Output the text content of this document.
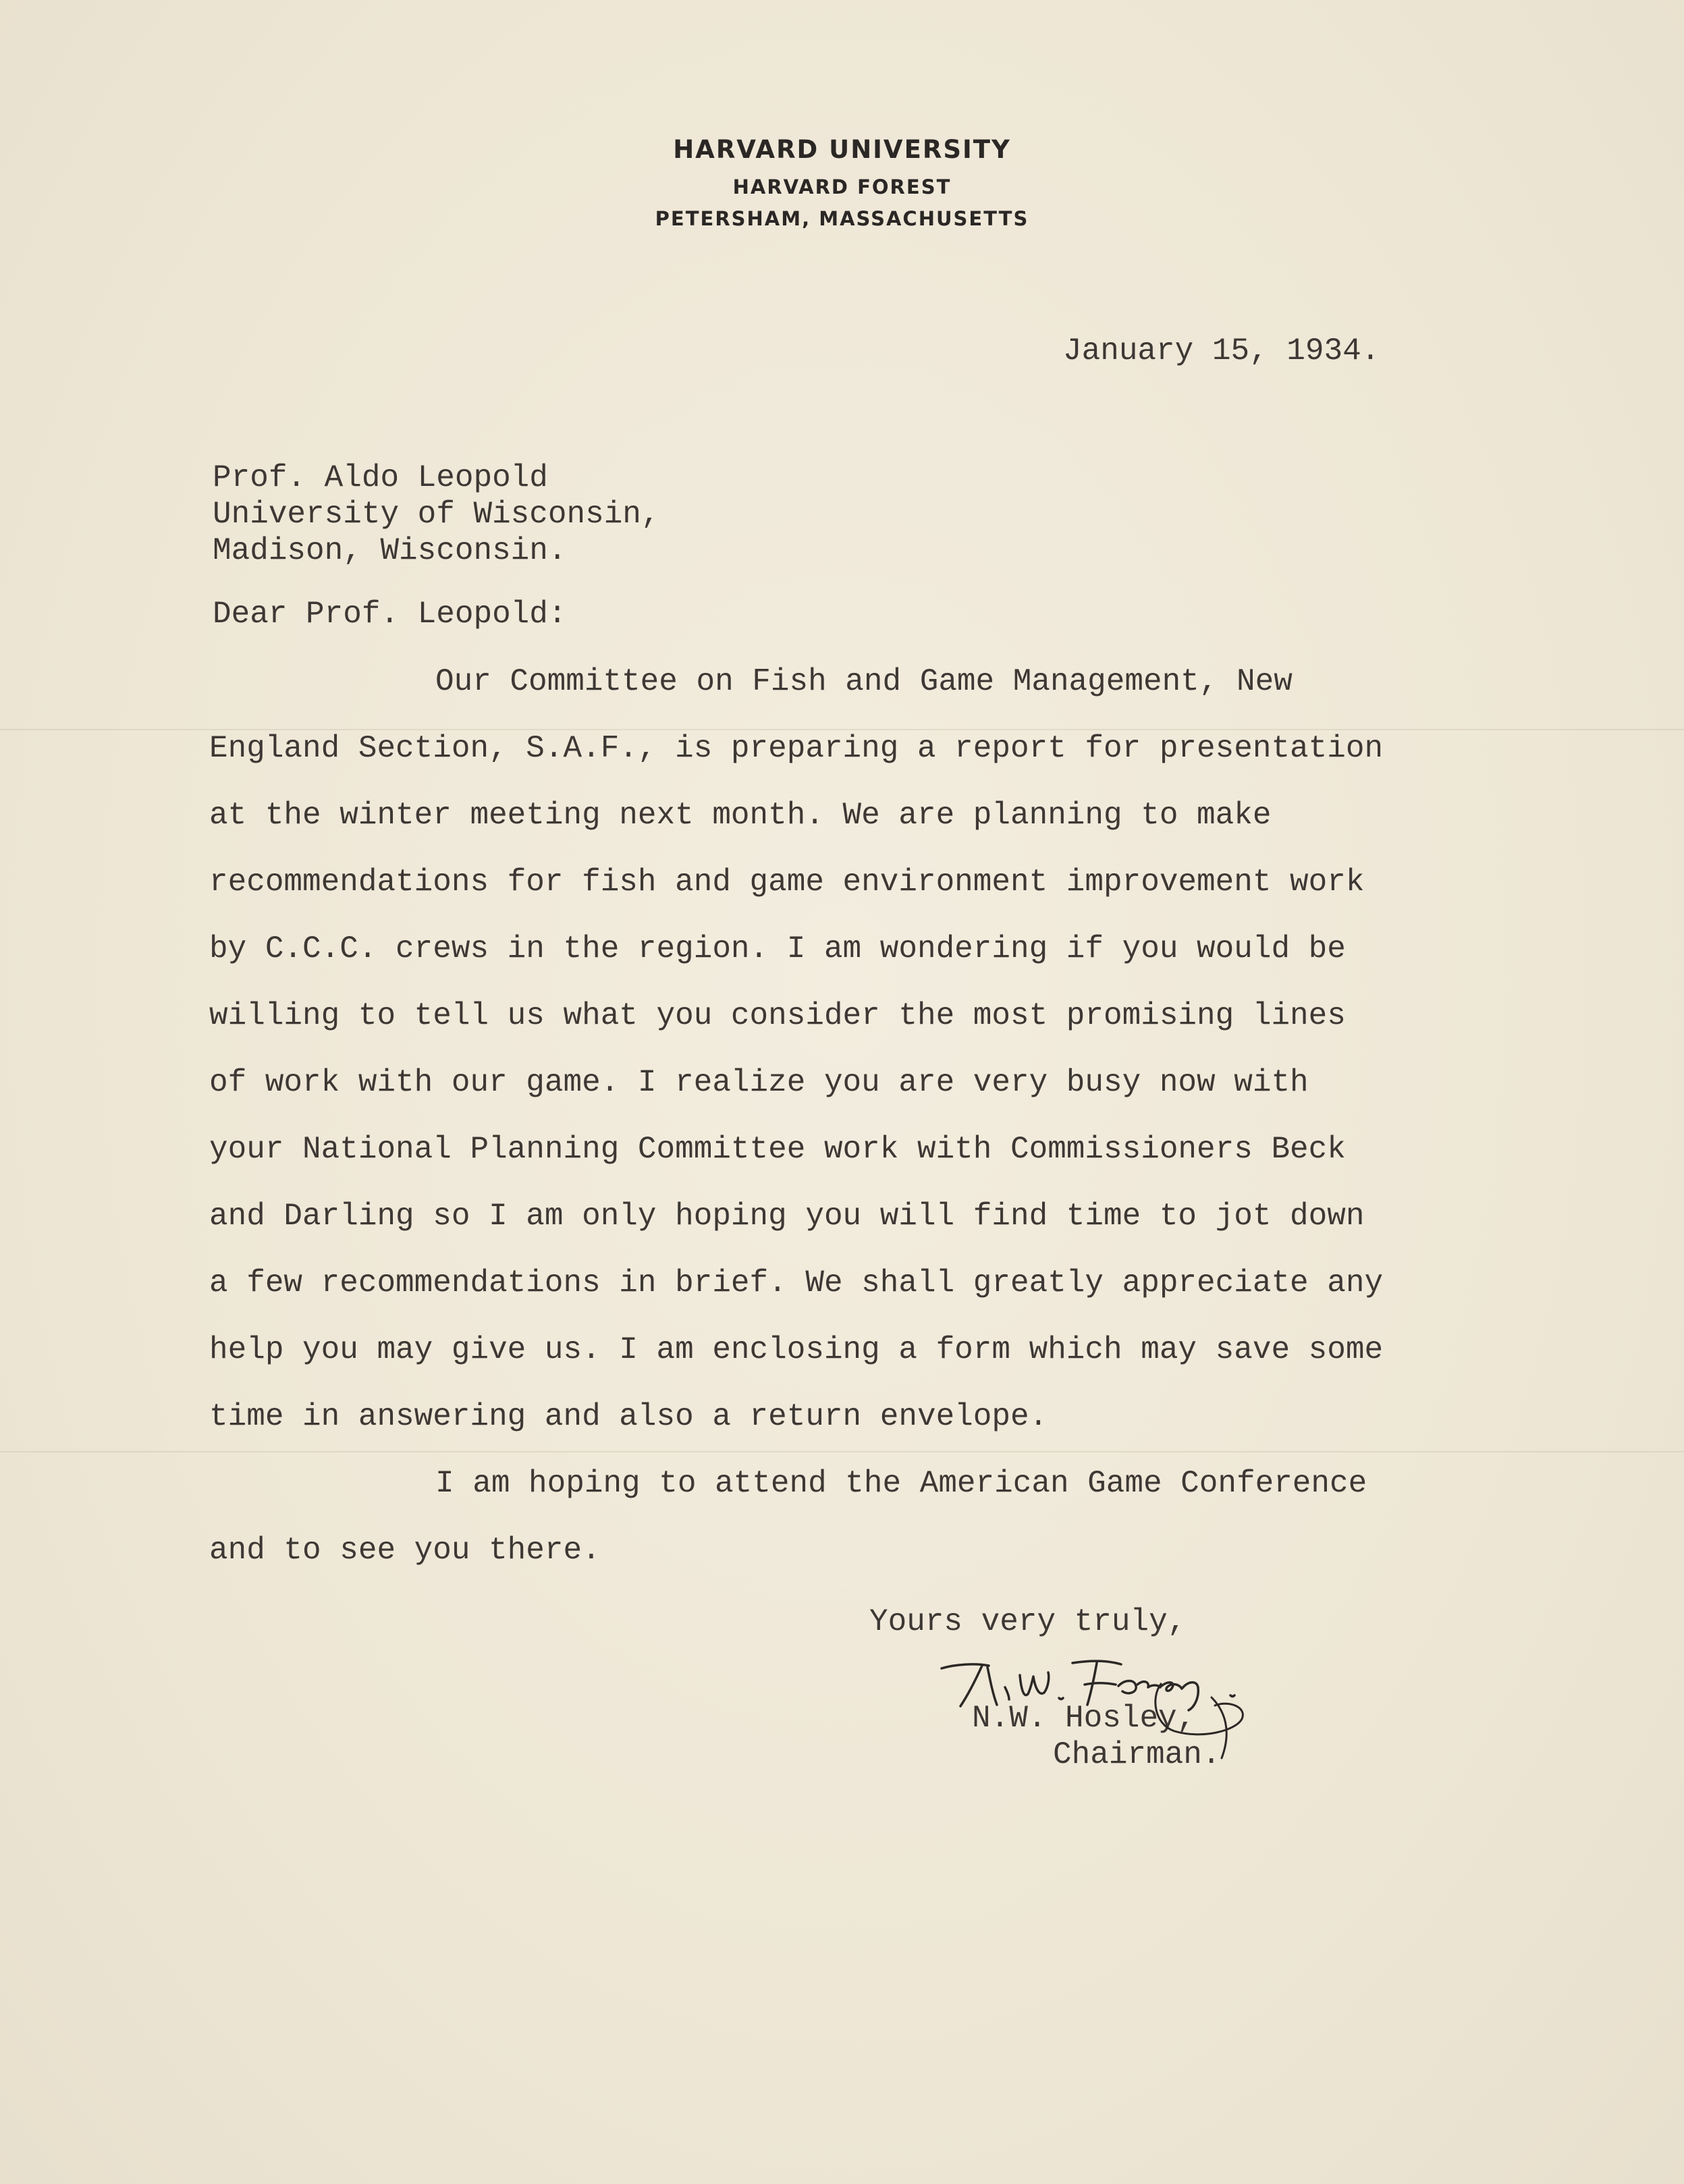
HARVARD UNIVERSITY
HARVARD FOREST
PETERSHAM, MASSACHUSETTS
January 15, 1934.
Prof. Aldo Leopold
University of Wisconsin,
Madison, Wisconsin.
Dear Prof. Leopold:
Our Committee on Fish and Game Management, New
England Section, S.A.F., is preparing a report for presentation
at the winter meeting next month. We are planning to make
recommendations for fish and game environment improvement work
by C.C.C. crews in the region. I am wondering if you would be
willing to tell us what you consider the most promising lines
of work with our game. I realize you are very busy now with
your National Planning Committee work with Commissioners Beck
and Darling so I am only hoping you will find time to jot down
a few recommendations in brief. We shall greatly appreciate any
help you may give us. I am enclosing a form which may save some
time in answering and also a return envelope.
I am hoping to attend the American Game Conference
and to see you there.
Yours very truly,
N.W. Hosley,
Chairman.
